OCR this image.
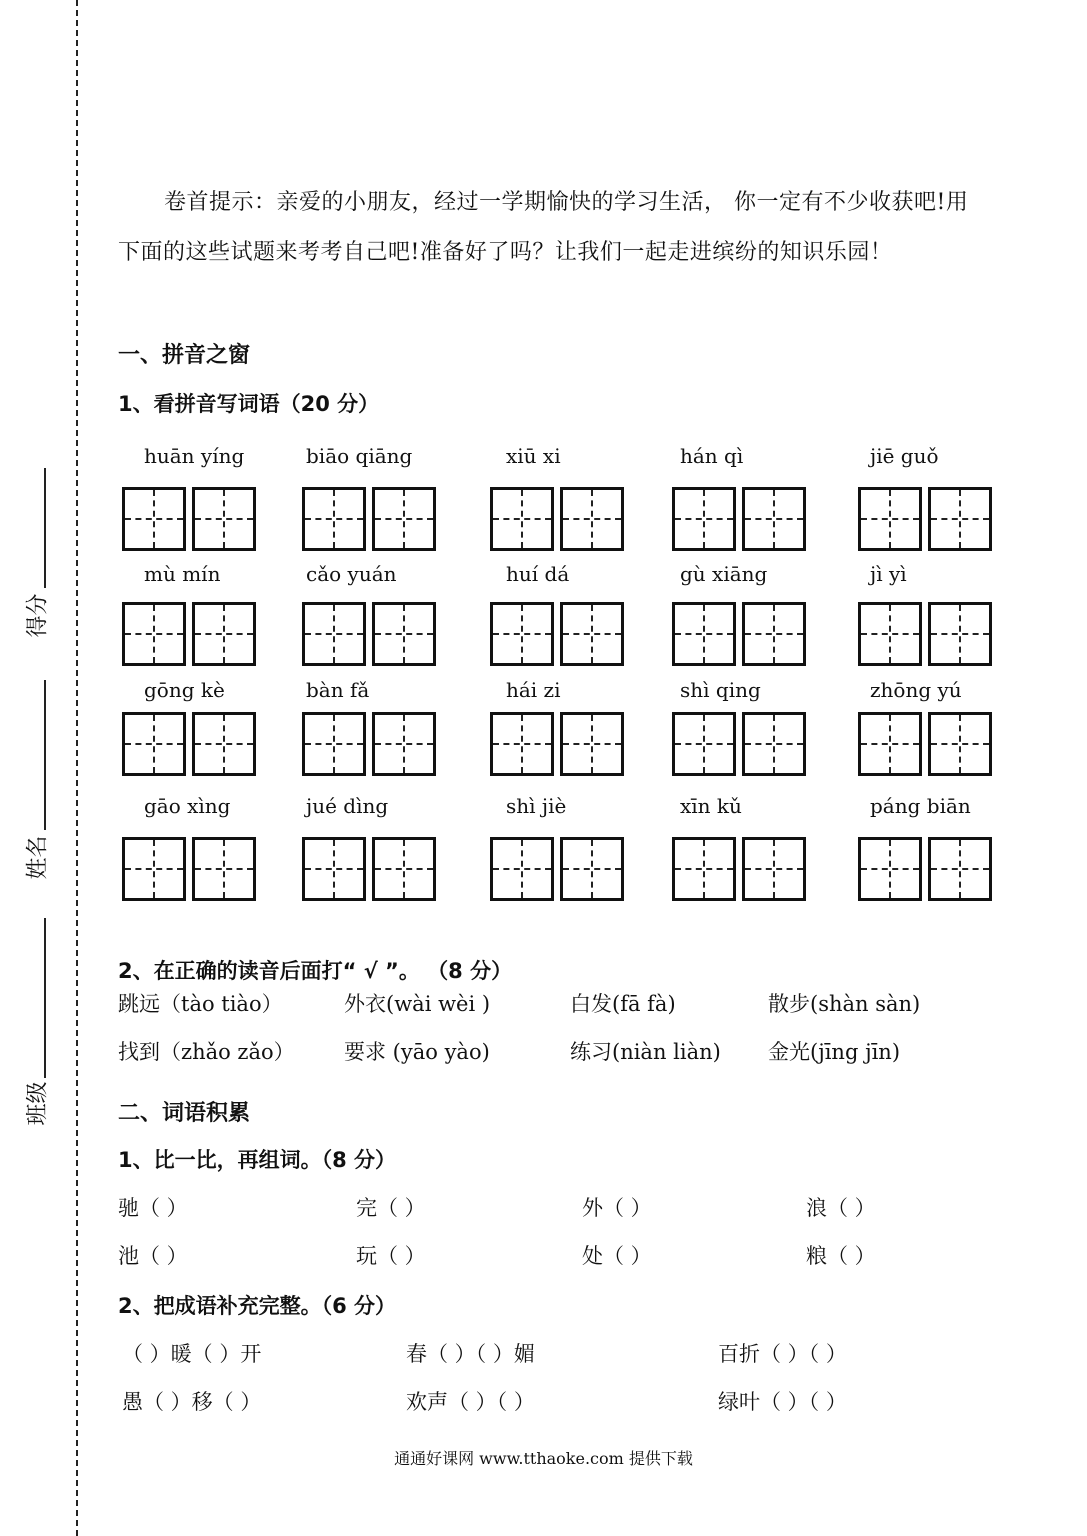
得分
姓名
班级
卷首提示：亲爱的小朋友，经过一学期愉快的学习生活， 你一定有不少收获吧!用下面的这些试题来考考自己吧!准备好了吗？让我们一起走进缤纷的知识乐园！
一、拼音之窗
1、看拼音写词语（20 分）
huān yíng	biāo qiāng	xiū xi	hán qì	jiē guǒ
mù mín	cǎo yuán	huí dá	gù xiāng	jì yì
gōng kè	bàn fǎ	hái zi	shì qing	zhōng yú
gāo xìng	jué dìng	shì jiè	xīn kǔ	páng biān
2、在正确的读音后面打“ √ ”。 （8 分）
跳远（tào tiào）	外衣(wài wèi )	白发(fā fà)	散步(shàn sàn)
找到（zhǎo zǎo） 要求 (yāo yào)	练习(niàn liàn) 金光(jīng jīn)
二、词语积累
1、比一比，再组词。（8 分）
驰（ ）	完（ ）	外（ ）	浪（ ）
池（ ）	玩（ ）	处（ ）	粮（ ）
2、把成语补充完整。（6 分）
（ ）暖（ ）开	春（ ）（ ）媚	百折（ ）（ ）
愚（ ）移（ ）	欢声（ ）（ ）	绿叶（ ）（ ）
通通好课网 www.tthaoke.com 提供下载
